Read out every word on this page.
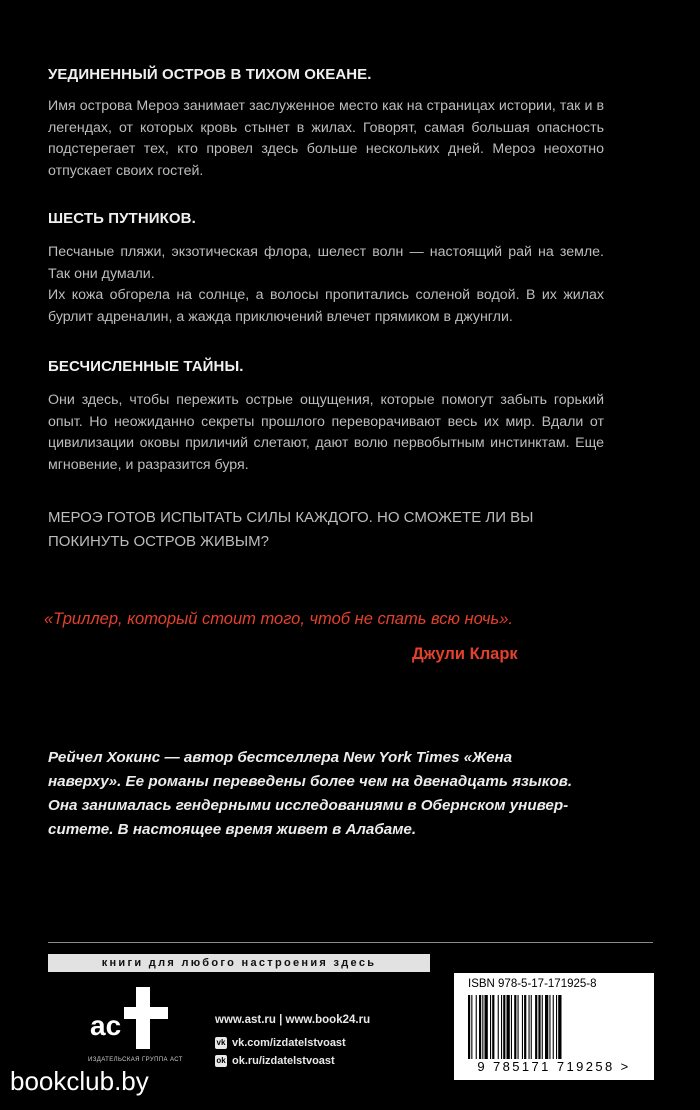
УЕДИНЕННЫЙ ОСТРОВ В ТИХОМ ОКЕАНЕ.

Имя острова Мероэ занимает заслуженное место как на страницах истории, так и в легендах, от которых кровь стынет в жилах. Говорят, самая большая опасность подстерегает тех, кто провел здесь больше нескольких дней. Мероэ неохотно отпускает своих гостей.

ШЕСТЬ ПУТНИКОВ.

Песчаные пляжи, экзотическая флора, шелест волн — настоящий рай на земле. Так они думали.

Их кожа обгорела на солнце, а волосы пропитались соленой водой. В их жилах бурлит адреналин, а жажда приключений влечет прямиком в джунгли.

БЕСЧИСЛЕННЫЕ ТАЙНЫ.

Они здесь, чтобы пережить острые ощущения, которые помогут забыть горький опыт. Но неожиданно секреты прошлого переворачивают весь их мир. Вдали от цивилизации оковы приличий слетают, дают волю первобытным инстинктам. Еще мгновение, и разразится буря.

МЕРОЭ ГОТОВ ИСПЫТАТЬ СИЛЫ КАЖДОГО. НО СМОЖЕТЕ ЛИ ВЫ ПОКИНУТЬ ОСТРОВ ЖИВЫМ?
«Триллер, который стоит того, чтоб не спать всю ночь».
Джули Кларк

Рейчел Хокинс — автор бестселлера New York Times «Жена

наверху». Ее романы переведены более чем на двенадцать языков.

Она занималась гендерными исследованиями в Обернском универ-

ситете. В настоящее время живет в Алабаме.

книги для любого настроения здесь
ac
ИЗДАТЕЛЬСКАЯ ГРУППА АСТ
www.ast.ru | www.book24.ru
vk vk.com/izdatelstvoast
ok ok.ru/izdatelstvoast
ISBN 978-5-17-171925-8
9 785171 719258 >
bookclub.by
